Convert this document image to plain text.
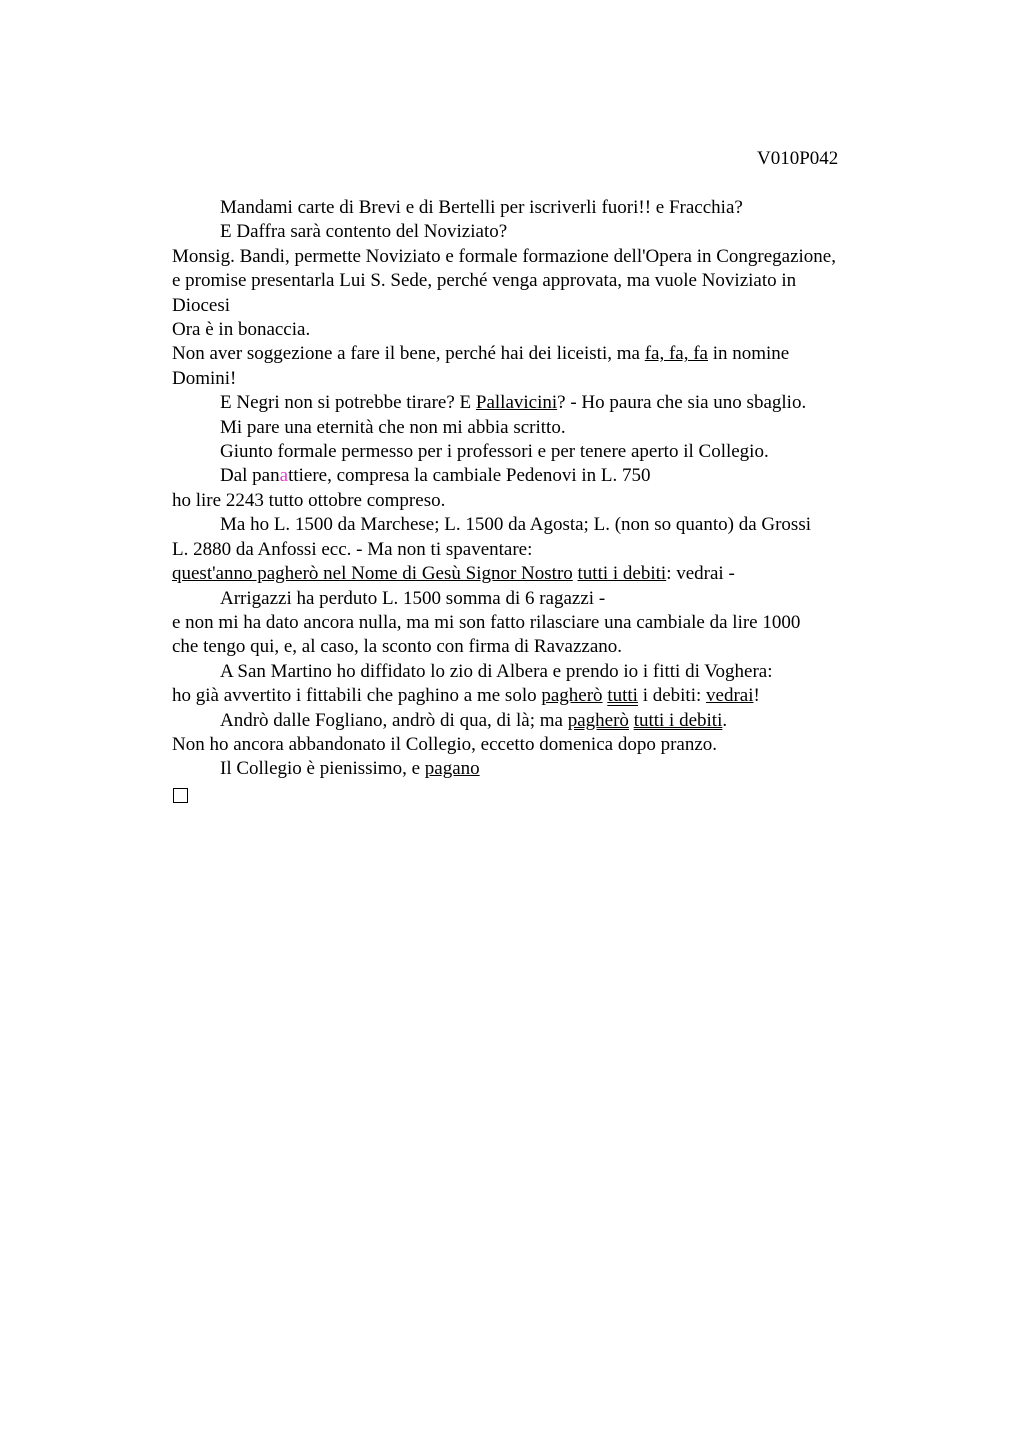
V010P042
Mandami carte di Brevi e di Bertelli per iscriverli fuori!! e Fracchia?
E Daffra sarà contento del Noviziato?
Monsig. Bandi, permette Noviziato e formale formazione dell'Opera in Congregazione,
e promise presentarla Lui S. Sede, perché venga approvata, ma vuole Noviziato in
Diocesi
Ora è in bonaccia.
Non aver soggezione a fare il bene, perché hai dei liceisti, ma fa, fa, fa in nomine
Domini!
E Negri non si potrebbe tirare? E Pallavicini? - Ho paura che sia uno sbaglio.
Mi pare una eternità che non mi abbia scritto.
Giunto formale permesso per i professori e per tenere aperto il Collegio.
Dal panattiere, compresa la cambiale Pedenovi in L. 750
ho lire 2243 tutto ottobre compreso.
Ma ho L. 1500 da Marchese; L. 1500 da Agosta; L. (non so quanto) da Grossi
L. 2880 da Anfossi ecc. - Ma non ti spaventare:
quest'anno pagherò nel Nome di Gesù Signor Nostro tutti i debiti: vedrai -
Arrigazzi ha perduto L. 1500 somma di 6 ragazzi -
e non mi ha dato ancora nulla, ma mi son fatto rilasciare una cambiale da lire 1000
che tengo qui, e, al caso, la sconto con firma di Ravazzano.
A San Martino ho diffidato lo zio di Albera e prendo io i fitti di Voghera:
ho già avvertito i fittabili che paghino a me solo pagherò tutti i debiti: vedrai!
Andrò dalle Fogliano, andrò di qua, di là; ma pagherò tutti i debiti.
Non ho ancora abbandonato il Collegio, eccetto domenica dopo pranzo.
Il Collegio è pienissimo, e pagano
